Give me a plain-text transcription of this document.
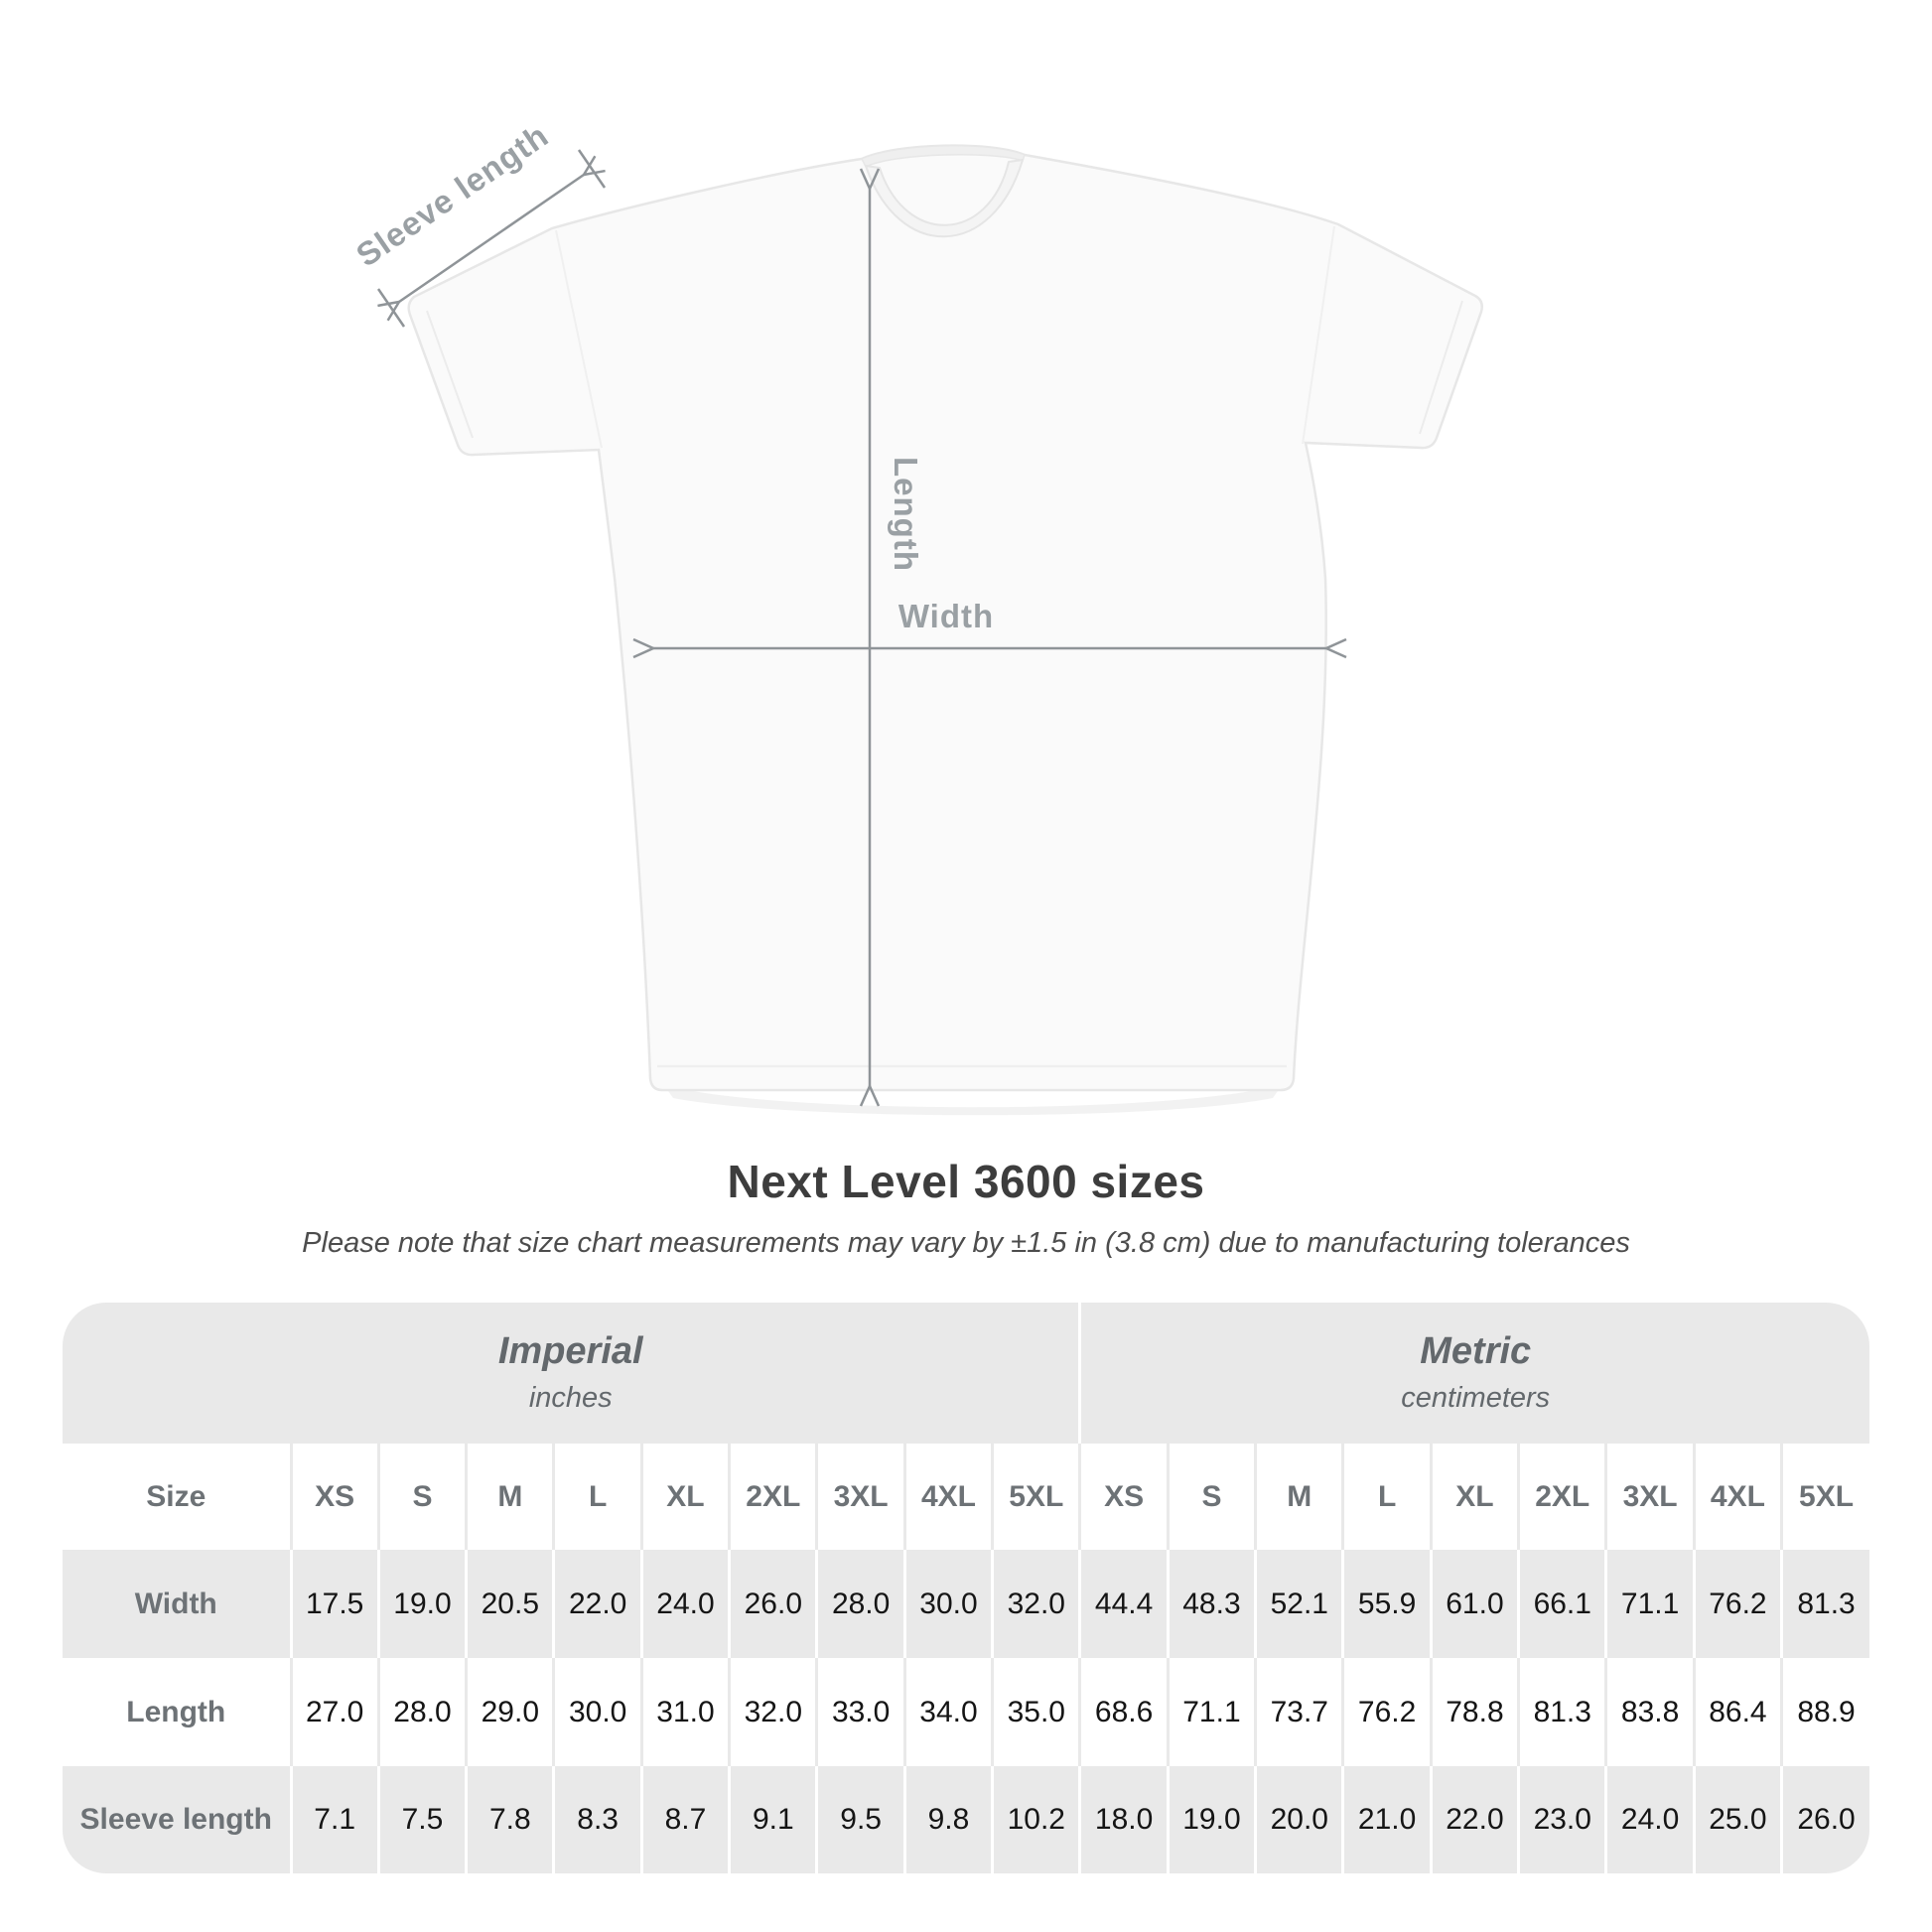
Sleeve length
Length
Width
Next Level 3600 sizes
Please note that size chart measurements may vary by ±1.5 in (3.8 cm) due to manufacturing tolerances
Imperial
inches

Metric
centimeters

Size	XS	S	M	L	XL	2XL	3XL	4XL	5XL	XS	S	M	L	XL	2XL	3XL	4XL	5XL
Width	17.5	19.0	20.5	22.0	24.0	26.0	28.0	30.0	32.0	44.4	48.3	52.1	55.9	61.0	66.1	71.1	76.2	81.3
Length	27.0	28.0	29.0	30.0	31.0	32.0	33.0	34.0	35.0	68.6	71.1	73.7	76.2	78.8	81.3	83.8	86.4	88.9
Sleeve length	7.1	7.5	7.8	8.3	8.7	9.1	9.5	9.8	10.2	18.0	19.0	20.0	21.0	22.0	23.0	24.0	25.0	26.0
